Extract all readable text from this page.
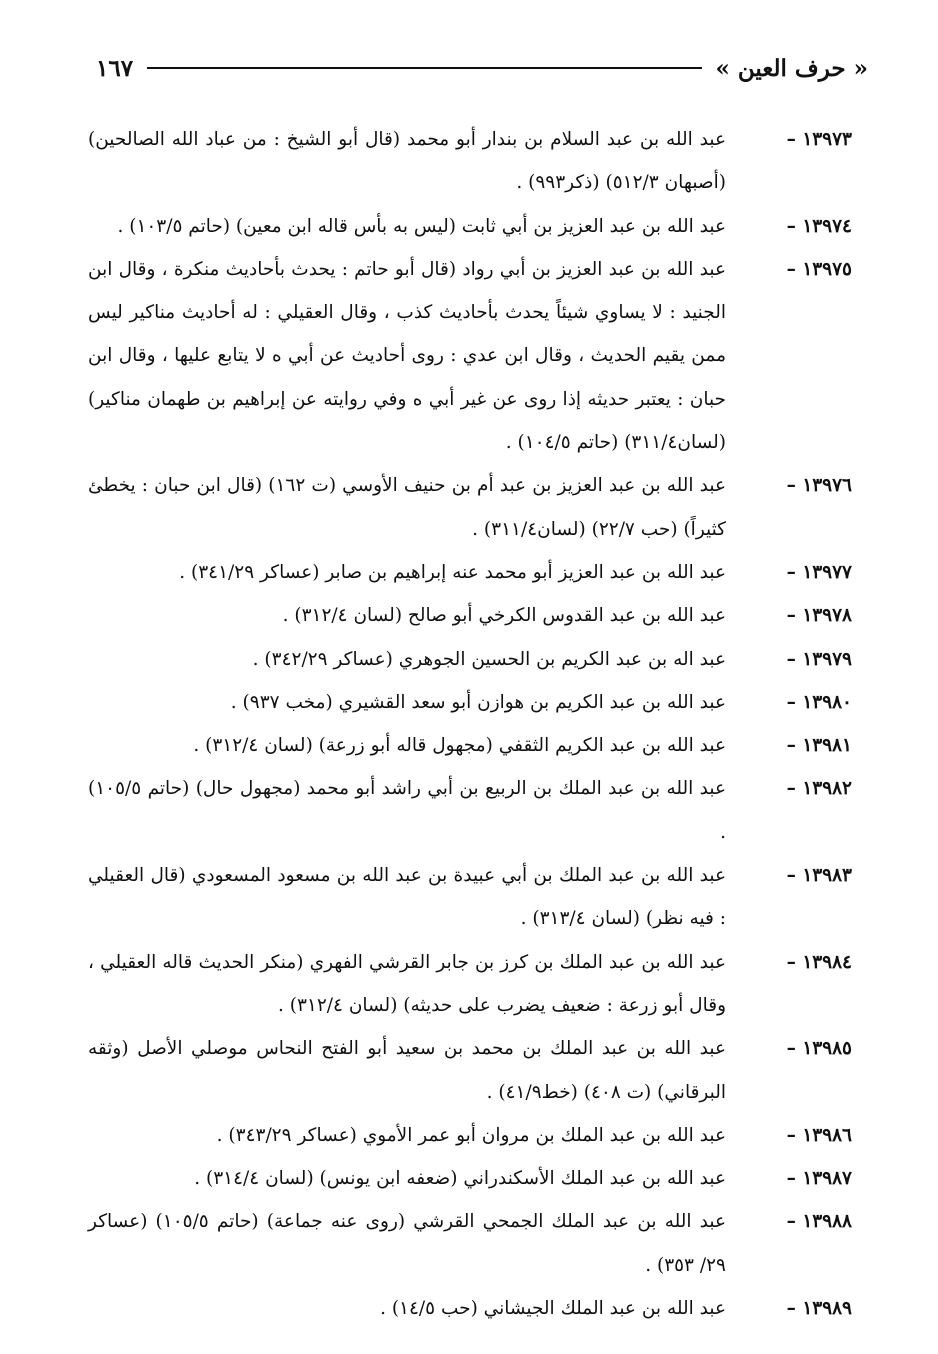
« حرف العين »
١٦٧
١٣٩٧٣ –
عبد الله بن عبد السلام بن بندار أبو محمد (قال أبو الشيخ : من عباد الله الصالحين) (أصبهان ٥١٢/٣) (ذكر٩٩٣) .
١٣٩٧٤ –
عبد الله بن عبد العزيز بن أبي ثابت (ليس به بأس قاله ابن معين) (حاتم ١٠٣/٥) .
١٣٩٧٥ –
عبد الله بن عبد العزيز بن أبي رواد (قال أبو حاتم : يحدث بأحاديث منكرة ، وقال ابن الجنيد : لا يساوي شيئاً يحدث بأحاديث كذب ، وقال العقيلي : له أحاديث مناكير ليس ممن يقيم الحديث ، وقال ابن عدي : روى أحاديث عن أبي ه لا يتابع عليها ، وقال ابن حبان : يعتبر حديثه إذا روى عن غير أبي ه وفي روايته عن إبراهيم بن طهمان مناكير) (لسان٣١١/٤) (حاتم ١٠٤/٥) .
١٣٩٧٦ –
عبد الله بن عبد العزيز بن عبد أم بن حنيف الأوسي (ت ١٦٢) (قال ابن حبان : يخطئ كثيراً) (حب ٢٢/٧) (لسان٣١١/٤) .
١٣٩٧٧ –
عبد الله بن عبد العزيز أبو محمد عنه إبراهيم بن صابر (عساكر ٣٤١/٢٩) .
١٣٩٧٨ –
عبد الله بن عبد القدوس الكرخي أبو صالح (لسان ٣١٢/٤) .
١٣٩٧٩ –
عبد اله بن عبد الكريم بن الحسين الجوهري (عساكر ٣٤٢/٢٩) .
١٣٩٨٠ –
عبد الله بن عبد الكريم بن هوازن أبو سعد القشيري (مخب ٩٣٧) .
١٣٩٨١ –
عبد الله بن عبد الكريم الثقفي (مجهول قاله أبو زرعة) (لسان ٣١٢/٤) .
١٣٩٨٢ –
عبد الله بن عبد الملك بن الربيع بن أبي راشد أبو محمد (مجهول حال) (حاتم ١٠٥/٥) .
١٣٩٨٣ –
عبد الله بن عبد الملك بن أبي عبيدة بن عبد الله بن مسعود المسعودي (قال العقيلي : فيه نظر) (لسان ٣١٣/٤) .
١٣٩٨٤ –
عبد الله بن عبد الملك بن كرز بن جابر القرشي الفهري (منكر الحديث قاله العقيلي ، وقال أبو زرعة : ضعيف يضرب على حديثه) (لسان ٣١٢/٤) .
١٣٩٨٥ –
عبد الله بن عبد الملك بن محمد بن سعيد أبو الفتح النحاس موصلي الأصل (وثقه البرقاني) (ت ٤٠٨) (خط٤١/٩) .
١٣٩٨٦ –
عبد الله بن عبد الملك بن مروان أبو عمر الأموي (عساكر ٣٤٣/٢٩) .
١٣٩٨٧ –
عبد الله بن عبد الملك الأسكندراني (ضعفه ابن يونس) (لسان ٣١٤/٤) .
١٣٩٨٨ –
عبد الله بن عبد الملك الجمحي القرشي (روى عنه جماعة) (حاتم ١٠٥/٥) (عساكر ٢٩/ ٣٥٣) .
١٣٩٨٩ –
عبد الله بن عبد الملك الجيشاني (حب ١٤/٥) .
